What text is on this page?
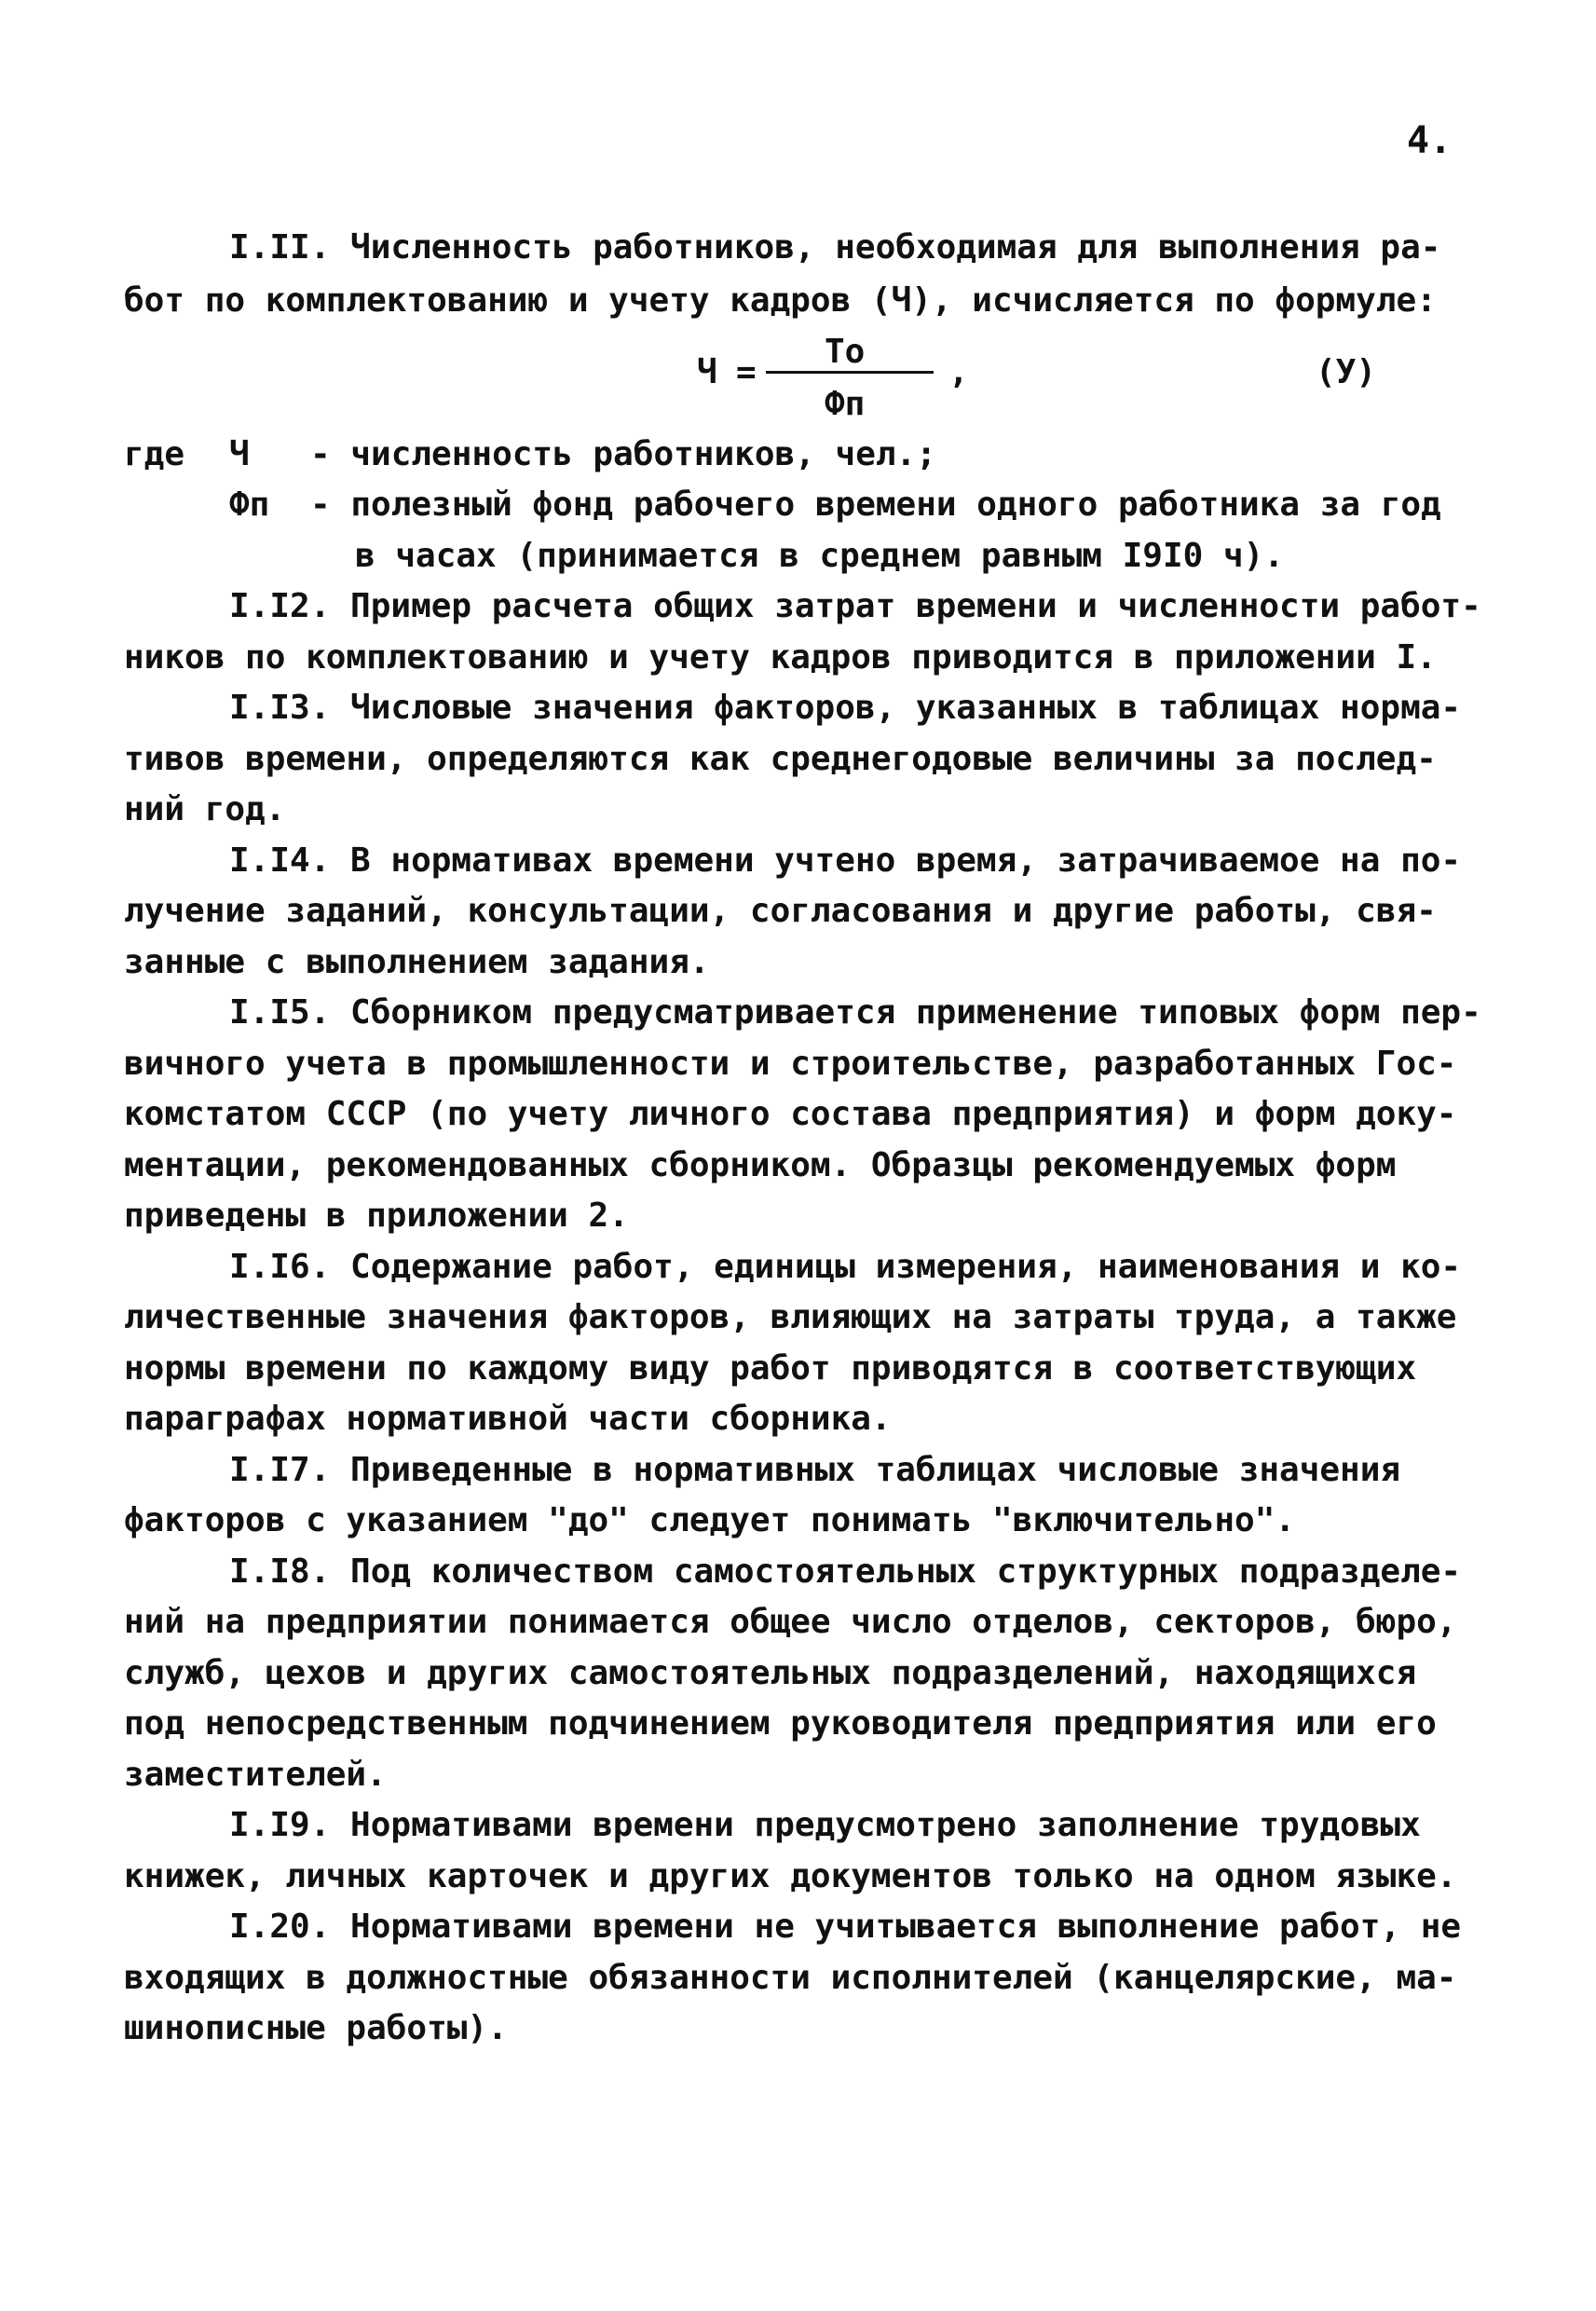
4.
I.II. Численность работников, необходимая для выполнения ра-
бот по комплектованию и учету кадров (Ч), исчисляется по формуле:
Ч =
То
Фп
,	(У)
где Ч - численность работников, чел.;
Фп - полезный фонд рабочего времени одного работника за год
в часах (принимается в среднем равным I9I0 ч).
I.I2. Пример расчета общих затрат времени и численности работ-
ников по комплектованию и учету кадров приводится в приложении I.
I.I3. Числовые значения факторов, указанных в таблицах норма-
тивов времени, определяются как среднегодовые величины за послед-
ний год.
I.I4. В нормативах времени учтено время, затрачиваемое на по-
лучение заданий, консультации, согласования и другие работы, свя-
занные с выполнением задания.
I.I5. Сборником предусматривается применение типовых форм пер-
вичного учета в промышленности и строительстве, разработанных Гос-
комстатом СССР (по учету личного состава предприятия) и форм доку-
ментации, рекомендованных сборником. Образцы рекомендуемых форм
приведены в приложении 2.
I.I6. Содержание работ, единицы измерения, наименования и ко-
личественные значения факторов, влияющих на затраты труда, а также
нормы времени по каждому виду работ приводятся в соответствующих
параграфах нормативной части сборника.
I.I7. Приведенные в нормативных таблицах числовые значения
факторов с указанием "до" следует понимать "включительно".
I.I8. Под количеством самостоятельных структурных подразделе-
ний на предприятии понимается общее число отделов, секторов, бюро,
служб, цехов и других самостоятельных подразделений, находящихся
под непосредственным подчинением руководителя предприятия или его
заместителей.
I.I9. Нормативами времени предусмотрено заполнение трудовых
книжек, личных карточек и других документов только на одном языке.
I.20. Нормативами времени не учитывается выполнение работ, не
входящих в должностные обязанности исполнителей (канцелярские, ма-
шинописные работы).
